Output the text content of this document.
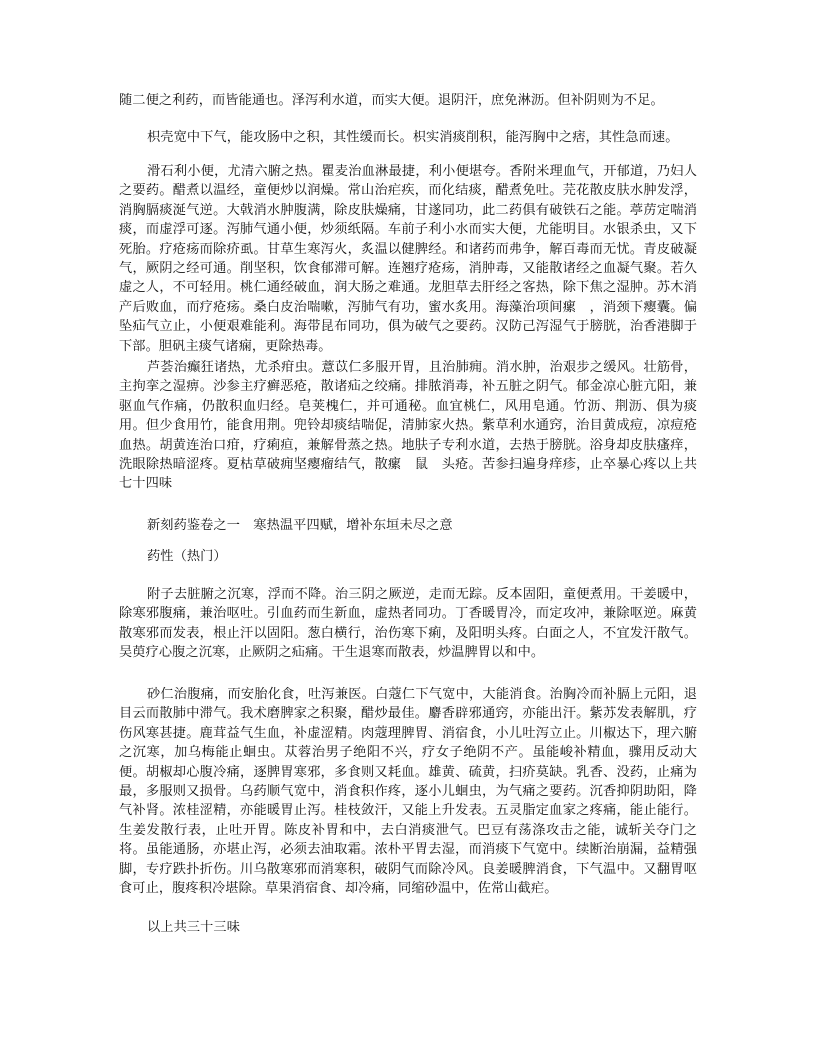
随二便之利药，而皆能通也。泽泻利水道，而实大便。退阴汗，庶免淋沥。但补阴则为不足。

枳壳宽中下气，能攻肠中之积，其性缓而长。枳实消痰削积，能泻胸中之痞，其性急而速。

滑石利小便，尤清六腑之热。瞿麦治血淋最捷，利小便堪夸。香附米理血气，开郁道，乃妇人之要药。醋煮以温经，童便炒以润燥。常山治疟疾，而化结痰，醋煮免吐。芫花散皮肤水肿发浮，消胸膈痰涎气逆。大戟消水肿腹满，除皮肤燥痛，甘遂同功，此二药俱有破铁石之能。葶苈定喘消痰，而虚浮可逐。泻肺气通小便，炒须纸隔。车前子利小水而实大便，尤能明目。水银杀虫，又下死胎。疗疮疡而除疥虱。甘草生寒泻火，炙温以健脾经。和诸药而弗争，解百毒而无忧。青皮破凝气，厥阴之经可通。削坚积，饮食郁滞可解。连翘疗疮疡，消肿毒，又能散诸经之血凝气聚。若久虚之人，不可轻用。桃仁通经破血，润大肠之难通。龙胆草去肝经之客热，除下焦之湿肿。苏木消产后败血，而疗疮疡。桑白皮治喘嗽，泻肺气有功，蜜水炙用。海藻治项间瘰　，消颈下瘿囊。偏坠疝气立止，小便艰难能利。海带昆布同功，俱为破气之要药。汉防己泻湿气于膀胱，治香港脚于下部。胆矾主痰气诸痫，更除热毒。

芦荟治癫狂诸热，尤杀疳虫。薏苡仁多服开胃，且治肺痈。消水肿，治艰步之缓风。壮筋骨，主拘挛之湿痹。沙参主疗癣恶疮，散诸疝之绞痛。排脓消毒，补五脏之阴气。郁金凉心脏亢阳，兼驱血气作痛，仍散积血归经。皂荚槐仁，并可通秘。血宜桃仁，风用皂通。竹沥、荆沥、俱为痰用。但少食用竹，能食用荆。兜铃却痰结喘促，清肺家火热。紫草利水通窍，治目黄成痘，凉痘疮血热。胡黄连治口疳，疗痢疸，兼解骨蒸之热。地肤子专利水道，去热于膀胱。浴身却皮肤瘙痒，洗眼除热暗涩疼。夏枯草破痈坚瘿瘤结气，散瘰　鼠　头疮。苦参扫遍身痒疹，止卒暴心疼以上共七十四味

新刻药鉴卷之一　寒热温平四赋，增补东垣未尽之意

药性（热门）

附子去脏腑之沉寒，浮而不降。治三阴之厥逆，走而无踪。反本固阳，童便煮用。干姜暖中，除寒邪腹痛，兼治呕吐。引血药而生新血，虚热者同功。丁香暖胃冷，而定攻冲，兼除呕逆。麻黄散寒邪而发表，根止汗以固阳。葱白横行，治伤寒下痢，及阳明头疼。白面之人，不宜发汗散气。吴萸疗心腹之沉寒，止厥阴之疝痛。干生退寒而散表，炒温脾胃以和中。

砂仁治腹痛，而安胎化食，吐泻兼医。白蔻仁下气宽中，大能消食。治胸冷而补膈上元阳，退目云而散肺中滞气。我术磨脾家之积聚，醋炒最佳。麝香辟邪通窍，亦能出汗。紫苏发表解肌，疗伤风寒甚捷。鹿茸益气生血，补虚涩精。肉蔻理脾胃、消宿食，小儿吐泻立止。川椒达下，理六腑之沉寒，加乌梅能止蛔虫。苁蓉治男子绝阳不兴，疗女子绝阴不产。虽能峻补精血，骤用反动大便。胡椒却心腹冷痛，逐脾胃寒邪，多食则又耗血。雄黄、硫黄，扫疥莫缺。乳香、没药，止痛为最，多服则又损骨。乌药顺气宽中，消食积作疼，逐小儿蛔虫，为气痛之要药。沉香抑阴助阳，降气补肾。浓桂涩精，亦能暖胃止泻。桂枝敛汗，又能上升发表。五灵脂定血家之疼痛，能止能行。生姜发散行表，止吐开胃。陈皮补胃和中，去白消痰泄气。巴豆有荡涤攻击之能，诚斩关夺门之将。虽能通肠，亦堪止泻，必须去油取霜。浓朴平胃去湿，而消痰下气宽中。续断治崩漏，益精强脚，专疗跌扑折伤。川乌散寒邪而消寒积，破阴气而除冷风。良姜暖脾消食，下气温中。又翻胃呕食可止，腹疼积冷堪除。草果消宿食、却冷痛，同缩砂温中，佐常山截疟。

以上共三十三味
